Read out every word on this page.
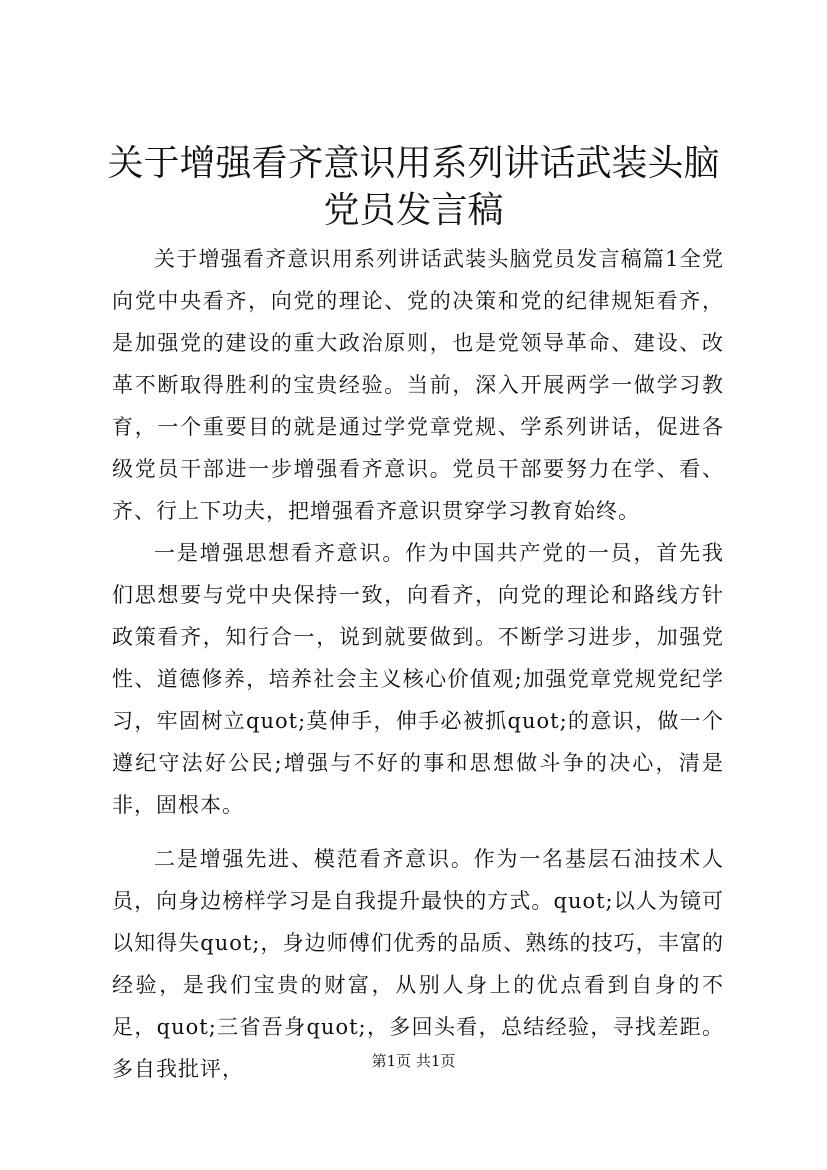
关于增强看齐意识用系列讲话武装头脑党员发言稿

关于增强看齐意识用系列讲话武装头脑党员发言稿篇1全党向党中央看齐，向党的理论、党的决策和党的纪律规矩看齐，是加强党的建设的重大政治原则，也是党领导革命、建设、改革不断取得胜利的宝贵经验。当前，深入开展两学一做学习教育，一个重要目的就是通过学党章党规、学系列讲话，促进各级党员干部进一步增强看齐意识。党员干部要努力在学、看、齐、行上下功夫，把增强看齐意识贯穿学习教育始终。

一是增强思想看齐意识。作为中国共产党的一员，首先我们思想要与党中央保持一致，向看齐，向党的理论和路线方针政策看齐，知行合一，说到就要做到。不断学习进步，加强党性、道德修养，培养社会主义核心价值观;加强党章党规党纪学习，牢固树立quot;莫伸手，伸手必被抓quot;的意识，做一个遵纪守法好公民;增强与不好的事和思想做斗争的决心，清是非，固根本。

二是增强先进、模范看齐意识。作为一名基层石油技术人员，向身边榜样学习是自我提升最快的方式。quot;以人为镜可以知得失quot;，身边师傅们优秀的品质、熟练的技巧，丰富的经验，是我们宝贵的财富，从别人身上的优点看到自身的不足，quot;三省吾身quot;，多回头看，总结经验，寻找差距。多自我批评，	第1页 共1页
